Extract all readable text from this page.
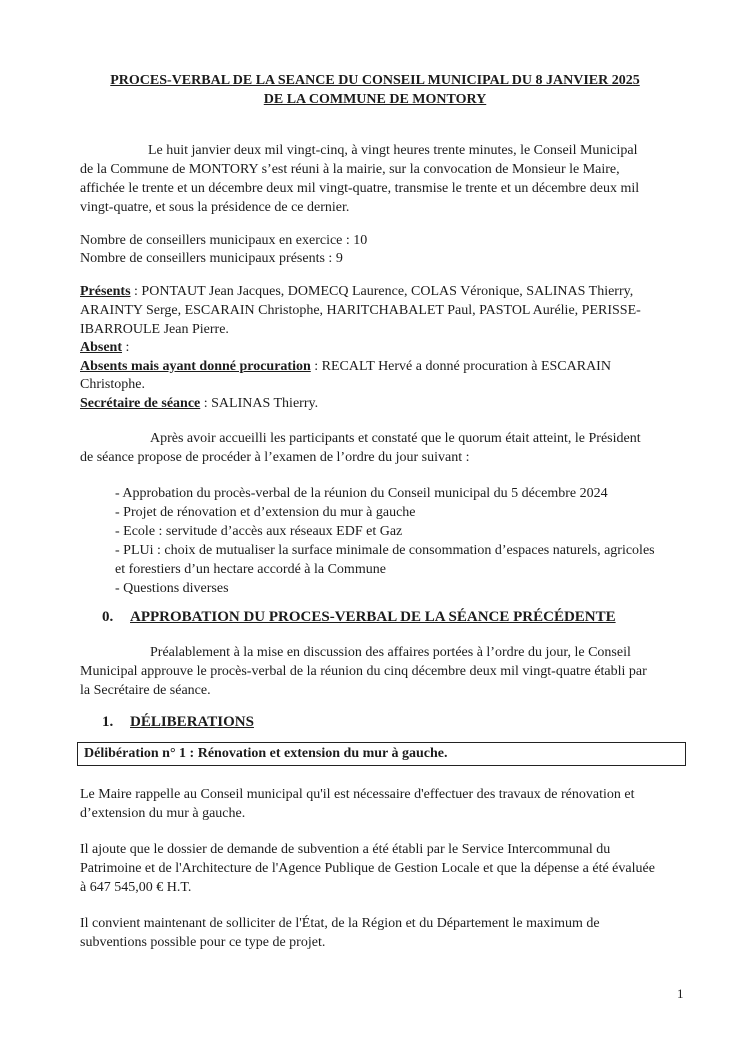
PROCES-VERBAL DE LA SEANCE DU CONSEIL MUNICIPAL DU 8 JANVIER 2025
DE LA COMMUNE DE MONTORY
Le huit janvier deux mil vingt-cinq, à vingt heures trente minutes, le Conseil Municipal
de la Commune de MONTORY s’est réuni à la mairie, sur la convocation de Monsieur le Maire,
affichée le trente et un décembre deux mil vingt-quatre, transmise le trente et un décembre deux mil
vingt-quatre, et sous la présidence de ce dernier.
Nombre de conseillers municipaux en exercice : 10
Nombre de conseillers municipaux présents : 9
Présents : PONTAUT Jean Jacques, DOMECQ Laurence, COLAS Véronique, SALINAS Thierry,
ARAINTY Serge, ESCARAIN Christophe, HARITCHABALET Paul, PASTOL Aurélie, PERISSE-
IBARROULE Jean Pierre.
Absent :
Absents mais ayant donné procuration : RECALT Hervé a donné procuration à ESCARAIN
Christophe.
Secrétaire de séance : SALINAS Thierry.
Après avoir accueilli les participants et constaté que le quorum était atteint, le Président
de séance propose de procéder à l’examen de l’ordre du jour suivant :
- Approbation du procès-verbal de la réunion du Conseil municipal du 5 décembre 2024
- Projet de rénovation et d’extension du mur à gauche
- Ecole : servitude d’accès aux réseaux EDF et Gaz
- PLUi : choix de mutualiser la surface minimale de consommation d’espaces naturels, agricoles
et forestiers d’un hectare accordé à la Commune
- Questions diverses
0. APPROBATION DU PROCES-VERBAL DE LA SÉANCE PRÉCÉDENTE
Préalablement à la mise en discussion des affaires portées à l’ordre du jour, le Conseil
Municipal approuve le procès-verbal de la réunion du cinq décembre deux mil vingt-quatre établi par
la Secrétaire de séance.
1. DÉLIBERATIONS
Délibération n° 1 : Rénovation et extension du mur à gauche.
Le Maire rappelle au Conseil municipal qu'il est nécessaire d'effectuer des travaux de rénovation et
d’extension du mur à gauche.
Il ajoute que le dossier de demande de subvention a été établi par le Service Intercommunal du
Patrimoine et de l'Architecture de l'Agence Publique de Gestion Locale et que la dépense a été évaluée
à 647 545,00 € H.T.
Il convient maintenant de solliciter de l'État, de la Région et du Département le maximum de
subventions possible pour ce type de projet.
1
